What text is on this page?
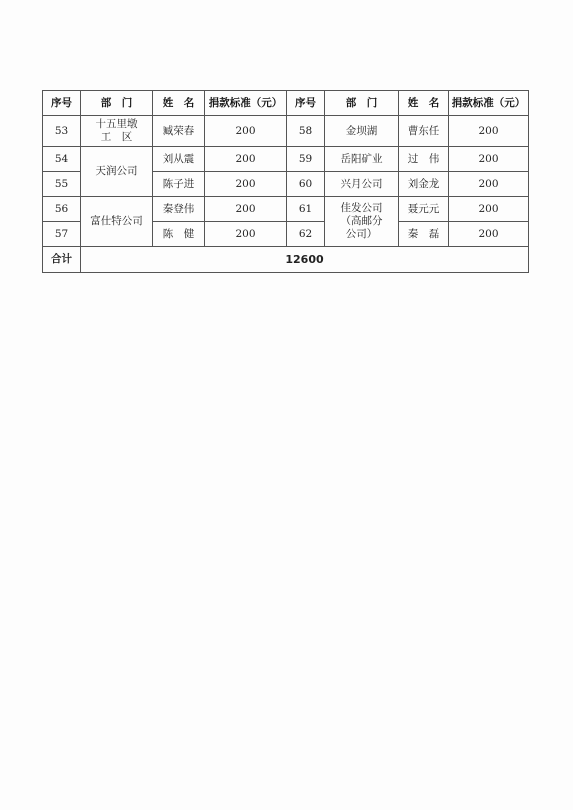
序号	部　门	姓　名	捐款标准（元）	序号	部　门	姓　名	捐款标准（元）
53	十五里墩
工　区	臧荣春	200	58	金坝湖	曹东任	200
54	天润公司	刘从震	200	59	岳阳矿业	过　伟	200
55		陈子进	200	60	兴月公司	刘金龙	200
56	富仕特公司	秦登伟	200	61	佳发公司
（高邮分
公司）	聂元元	200
57		陈　健	200	62		秦　磊	200
合计	12600						
